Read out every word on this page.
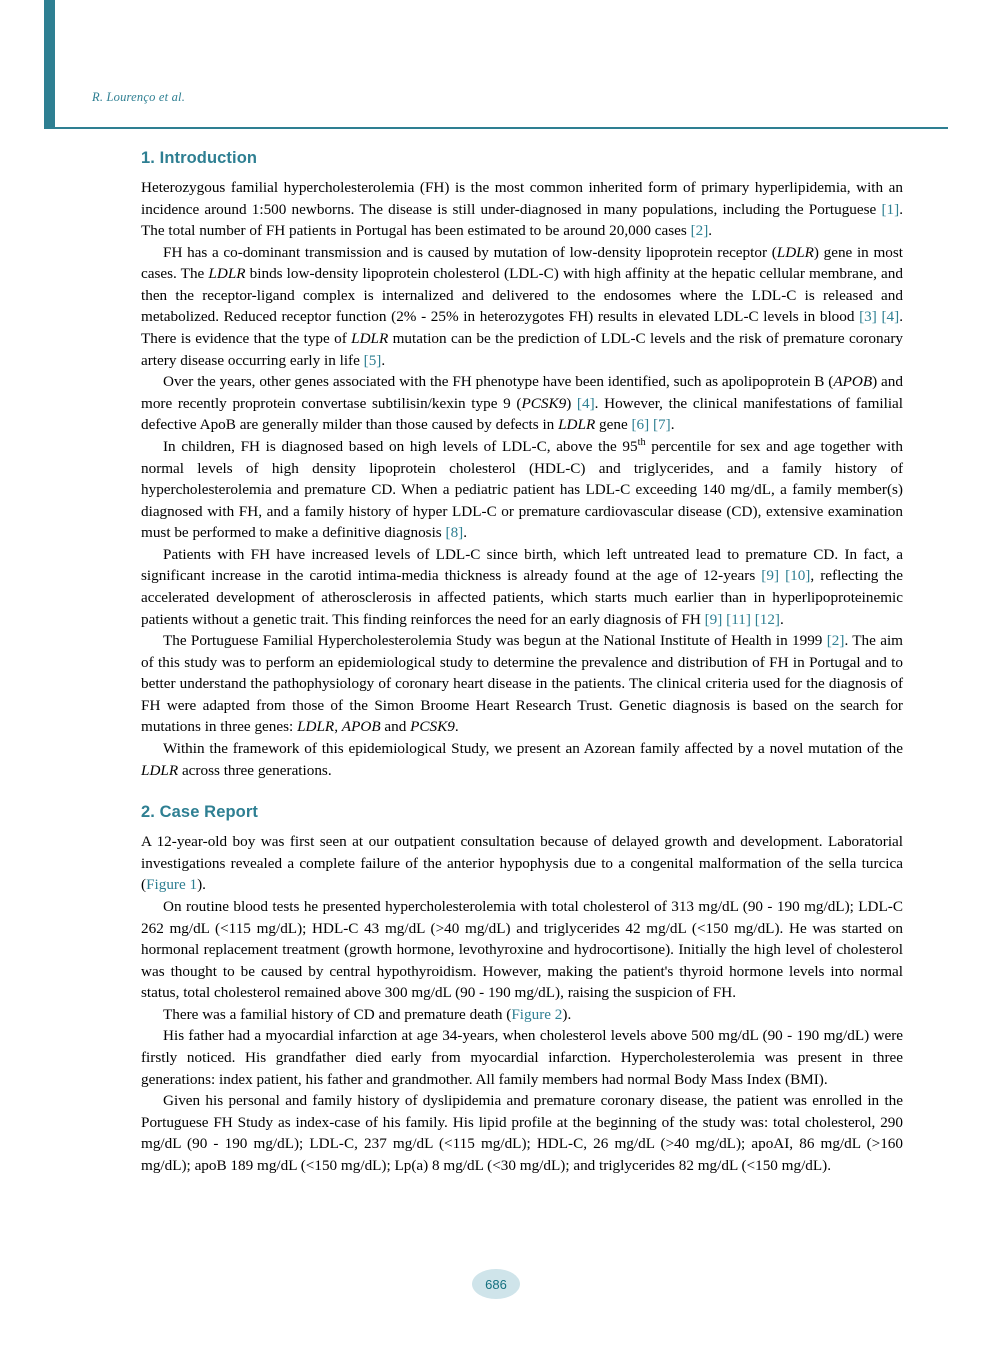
R. Lourenço et al.
1. Introduction

Heterozygous familial hypercholesterolemia (FH) is the most common inherited form of primary hyperlipidemia, with an incidence around 1:500 newborns. The disease is still under-diagnosed in many populations, including the Portuguese [1]. The total number of FH patients in Portugal has been estimated to be around 20,000 cases [2].

FH has a co-dominant transmission and is caused by mutation of low-density lipoprotein receptor (LDLR) gene in most cases. The LDLR binds low-density lipoprotein cholesterol (LDL-C) with high affinity at the hepatic cellular membrane, and then the receptor-ligand complex is internalized and delivered to the endosomes where the LDL-C is released and metabolized. Reduced receptor function (2% - 25% in heterozygotes FH) results in elevated LDL-C levels in blood [3] [4]. There is evidence that the type of LDLR mutation can be the prediction of LDL-C levels and the risk of premature coronary artery disease occurring early in life [5].

Over the years, other genes associated with the FH phenotype have been identified, such as apolipoprotein B (APOB) and more recently proprotein convertase subtilisin/kexin type 9 (PCSK9) [4]. However, the clinical manifestations of familial defective ApoB are generally milder than those caused by defects in LDLR gene [6] [7].

In children, FH is diagnosed based on high levels of LDL-C, above the 95th percentile for sex and age together with normal levels of high density lipoprotein cholesterol (HDL-C) and triglycerides, and a family history of hypercholesterolemia and premature CD. When a pediatric patient has LDL-C exceeding 140 mg/dL, a family member(s) diagnosed with FH, and a family history of hyper LDL-C or premature cardiovascular disease (CD), extensive examination must be performed to make a definitive diagnosis [8].

Patients with FH have increased levels of LDL-C since birth, which left untreated lead to premature CD. In fact, a significant increase in the carotid intima-media thickness is already found at the age of 12-years [9] [10], reflecting the accelerated development of atherosclerosis in affected patients, which starts much earlier than in hyperlipoproteinemic patients without a genetic trait. This finding reinforces the need for an early diagnosis of FH [9] [11] [12].

The Portuguese Familial Hypercholesterolemia Study was begun at the National Institute of Health in 1999 [2]. The aim of this study was to perform an epidemiological study to determine the prevalence and distribution of FH in Portugal and to better understand the pathophysiology of coronary heart disease in the patients. The clinical criteria used for the diagnosis of FH were adapted from those of the Simon Broome Heart Research Trust. Genetic diagnosis is based on the search for mutations in three genes: LDLR, APOB and PCSK9.

Within the framework of this epidemiological Study, we present an Azorean family affected by a novel mutation of the LDLR across three generations.

2. Case Report

A 12-year-old boy was first seen at our outpatient consultation because of delayed growth and development. Laboratorial investigations revealed a complete failure of the anterior hypophysis due to a congenital malformation of the sella turcica (Figure 1).

On routine blood tests he presented hypercholesterolemia with total cholesterol of 313 mg/dL (90 - 190 mg/dL); LDL-C 262 mg/dL (<115 mg/dL); HDL-C 43 mg/dL (>40 mg/dL) and triglycerides 42 mg/dL (<150 mg/dL). He was started on hormonal replacement treatment (growth hormone, levothyroxine and hydrocortisone). Initially the high level of cholesterol was thought to be caused by central hypothyroidism. However, making the patient's thyroid hormone levels into normal status, total cholesterol remained above 300 mg/dL (90 - 190 mg/dL), raising the suspicion of FH.

There was a familial history of CD and premature death (Figure 2).

His father had a myocardial infarction at age 34-years, when cholesterol levels above 500 mg/dL (90 - 190 mg/dL) were firstly noticed. His grandfather died early from myocardial infarction. Hypercholesterolemia was present in three generations: index patient, his father and grandmother. All family members had normal Body Mass Index (BMI).

Given his personal and family history of dyslipidemia and premature coronary disease, the patient was enrolled in the Portuguese FH Study as index-case of his family. His lipid profile at the beginning of the study was: total cholesterol, 290 mg/dL (90 - 190 mg/dL); LDL-C, 237 mg/dL (<115 mg/dL); HDL-C, 26 mg/dL (>40 mg/dL); apoAI, 86 mg/dL (>160 mg/dL); apoB 189 mg/dL (<150 mg/dL); Lp(a) 8 mg/dL (<30 mg/dL); and triglycerides 82 mg/dL (<150 mg/dL).

686
